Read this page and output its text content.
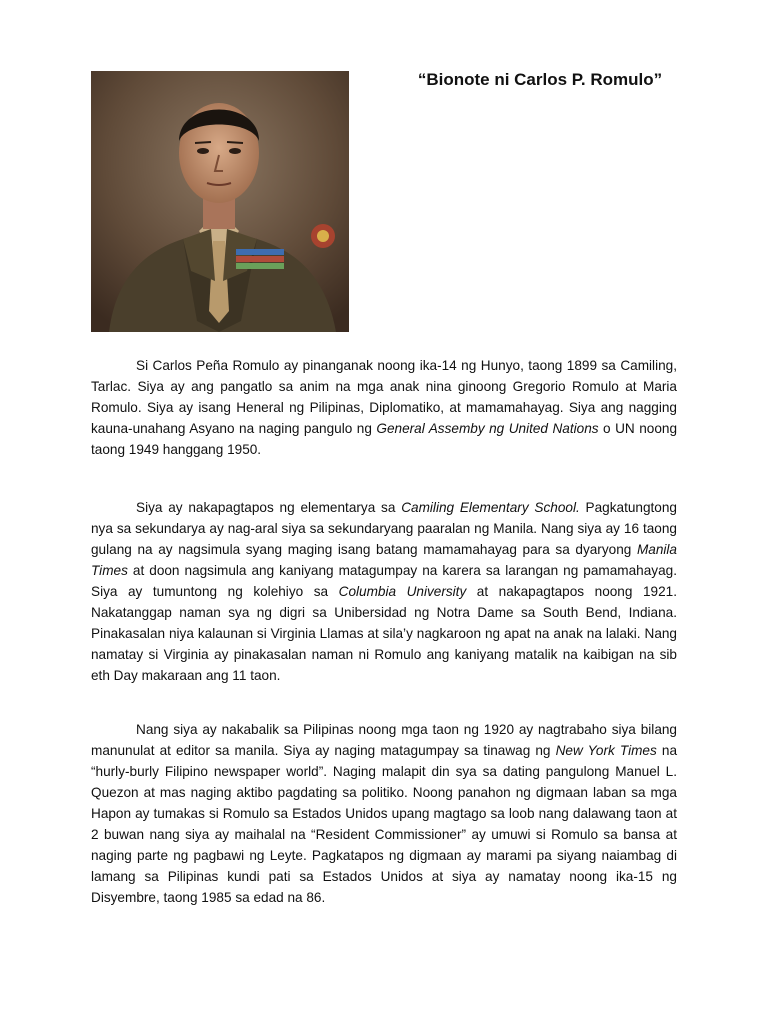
“Bionote ni Carlos P. Romulo”

Si Carlos Peña Romulo ay pinanganak noong ika-14 ng Hunyo, taong 1899 sa Camiling, Tarlac. Siya ay ang pangatlo sa anim na mga anak nina ginoong Gregorio Romulo at Maria Romulo. Siya ay isang Heneral ng Pilipinas, Diplomatiko, at mamamahayag. Siya ang nagging kauna-unahang Asyano na naging pangulo ng General Assemby ng United Nations o UN noong taong 1949 hanggang 1950.

Siya ay nakapagtapos ng elementarya sa Camiling Elementary School. Pagkatungtong nya sa sekundarya ay nag-aral siya sa sekundaryang paaralan ng Manila. Nang siya ay 16 taong gulang na ay nagsimula syang maging isang batang mamamahayag para sa dyaryong Manila Times at doon nagsimula ang kaniyang matagumpay na karera sa larangan ng pamamahayag. Siya ay tumuntong ng kolehiyo sa Columbia University at nakapagtapos noong 1921. Nakatanggap naman sya ng digri sa Unibersidad ng Notra Dame sa South Bend, Indiana. Pinakasalan niya kalaunan si Virginia Llamas at sila’y nagkaroon ng apat na anak na lalaki. Nang namatay si Virginia ay pinakasalan naman ni Romulo ang kaniyang matalik na kaibigan na sib eth Day makaraan ang 11 taon.

Nang siya ay nakabalik sa Pilipinas noong mga taon ng 1920 ay nagtrabaho siya bilang manunulat at editor sa manila. Siya ay naging matagumpay sa tinawag ng New York Times na “hurly-burly Filipino newspaper world”. Naging malapit din sya sa dating pangulong Manuel L. Quezon at mas naging aktibo pagdating sa politiko. Noong panahon ng digmaan laban sa mga Hapon ay tumakas si Romulo sa Estados Unidos upang magtago sa loob nang dalawang taon at 2 buwan nang siya ay maihalal na “Resident Commissioner” ay umuwi si Romulo sa bansa at naging parte ng pagbawi ng Leyte. Pagkatapos ng digmaan ay marami pa siyang naiambag di lamang sa Pilipinas kundi pati sa Estados Unidos at siya ay namatay noong ika-15 ng Disyembre, taong 1985 sa edad na 86.
